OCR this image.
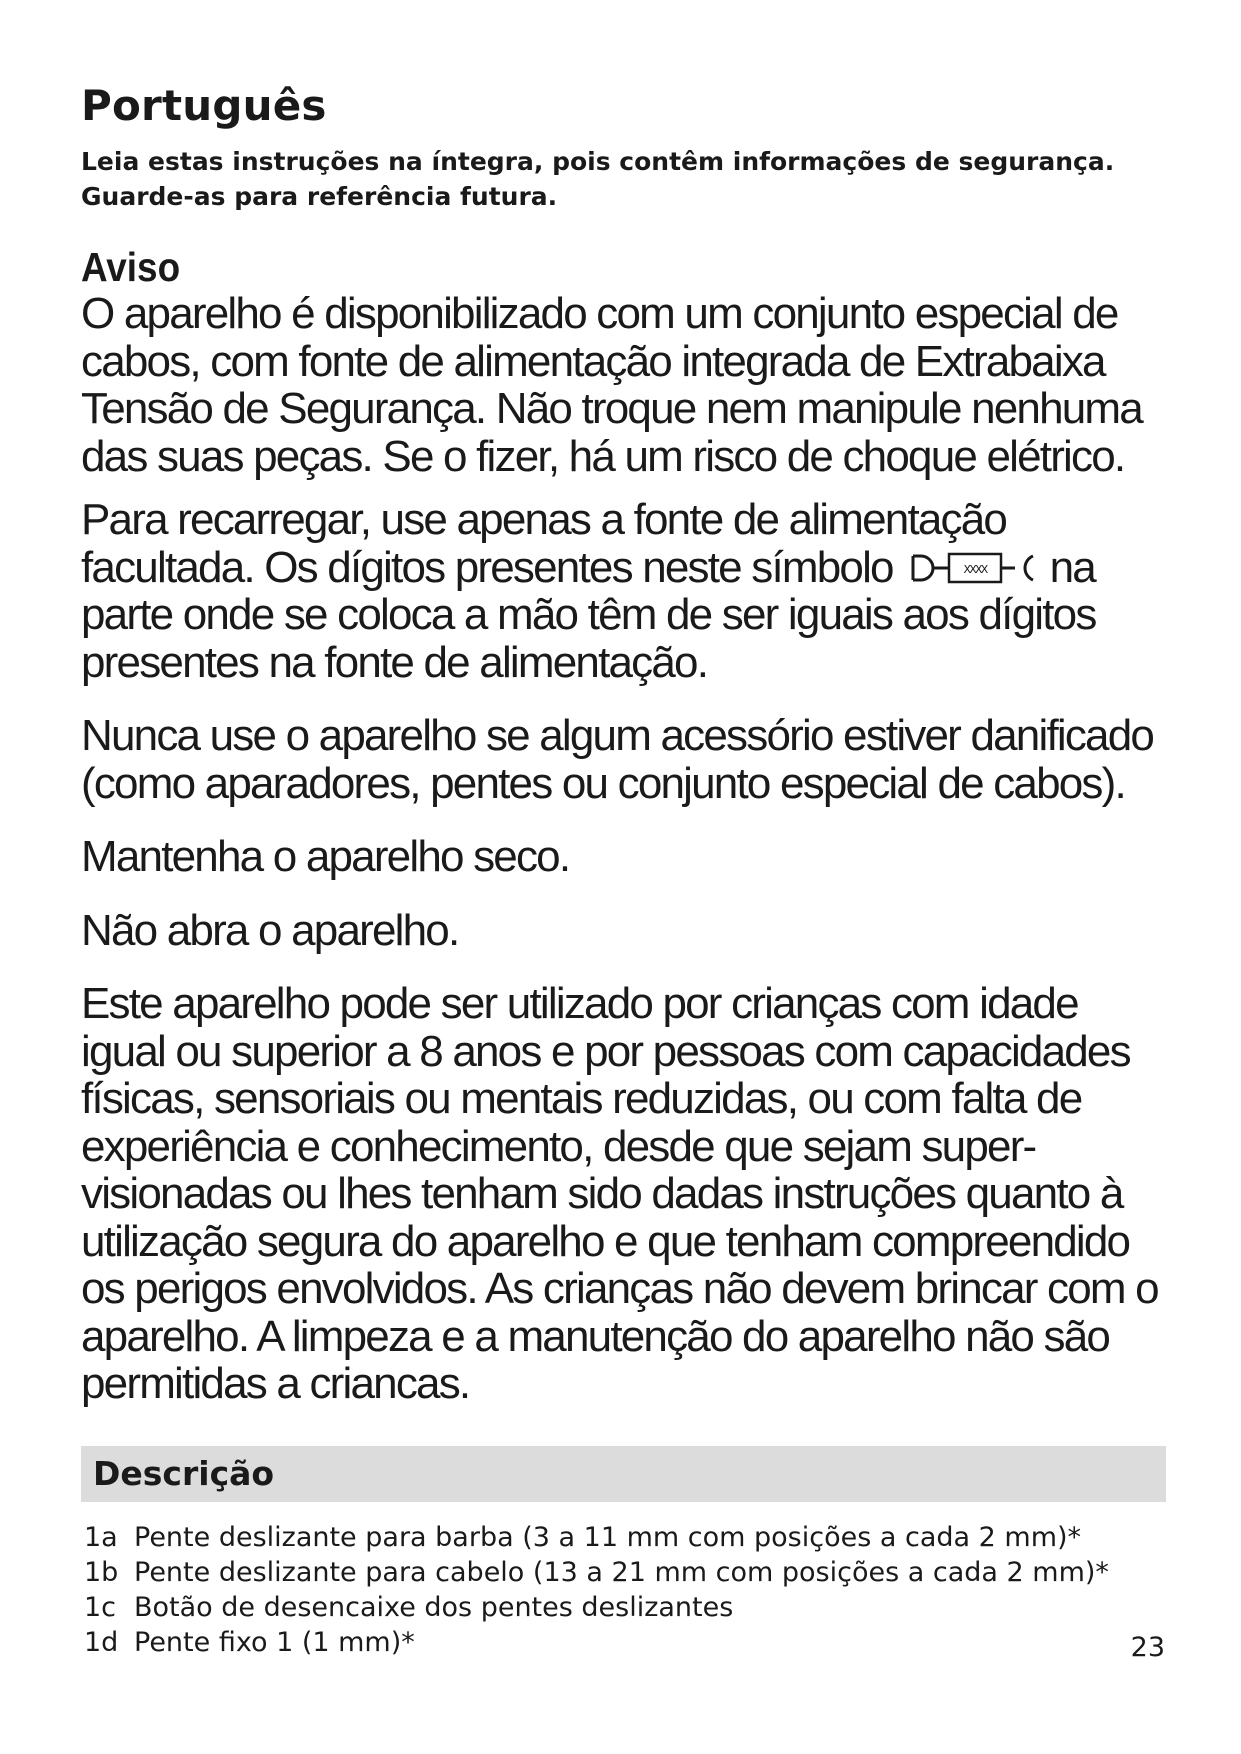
Português

Leia estas instruções na íntegra, pois contêm informações de segurança. Guarde-as para referência futura.

Aviso

O aparelho é disponibilizado com um conjunto especial de cabos, com fonte de alimentação integrada de Extrabaixa Tensão de Segurança. Não troque nem manipule nenhuma das suas peças. Se o fizer, há um risco de choque elétrico.

Para recarregar, use apenas a fonte de alimentação facultada. Os dígitos presentes neste símbolo	XXXX na parte onde se coloca a mão têm de ser iguais aos dígitos presentes na fonte de alimentação.

Nunca use o aparelho se algum acessório estiver danificado (como aparadores, pentes ou conjunto especial de cabos).

Mantenha o aparelho seco.

Não abra o aparelho.

Este aparelho pode ser utilizado por crianças com idade igual ou superior a 8 anos e por pessoas com capacidades físicas, sensoriais ou mentais reduzidas, ou com falta de experiência e conhecimento, desde que sejam super- visionadas ou lhes tenham sido dadas instruções quanto à utilização segura do aparelho e que tenham compreendido os perigos envolvidos. As crianças não devem brincar com o aparelho. A limpeza e a manutenção do aparelho não são permitidas a criancas.

Descrição
1a Pente deslizante para barba (3 a 11 mm com posições a cada 2 mm)*
1b Pente deslizante para cabelo (13 a 21 mm com posições a cada 2 mm)*
1c Botão de desencaixe dos pentes deslizantes
1d Pente fixo 1 (1 mm)*	23
